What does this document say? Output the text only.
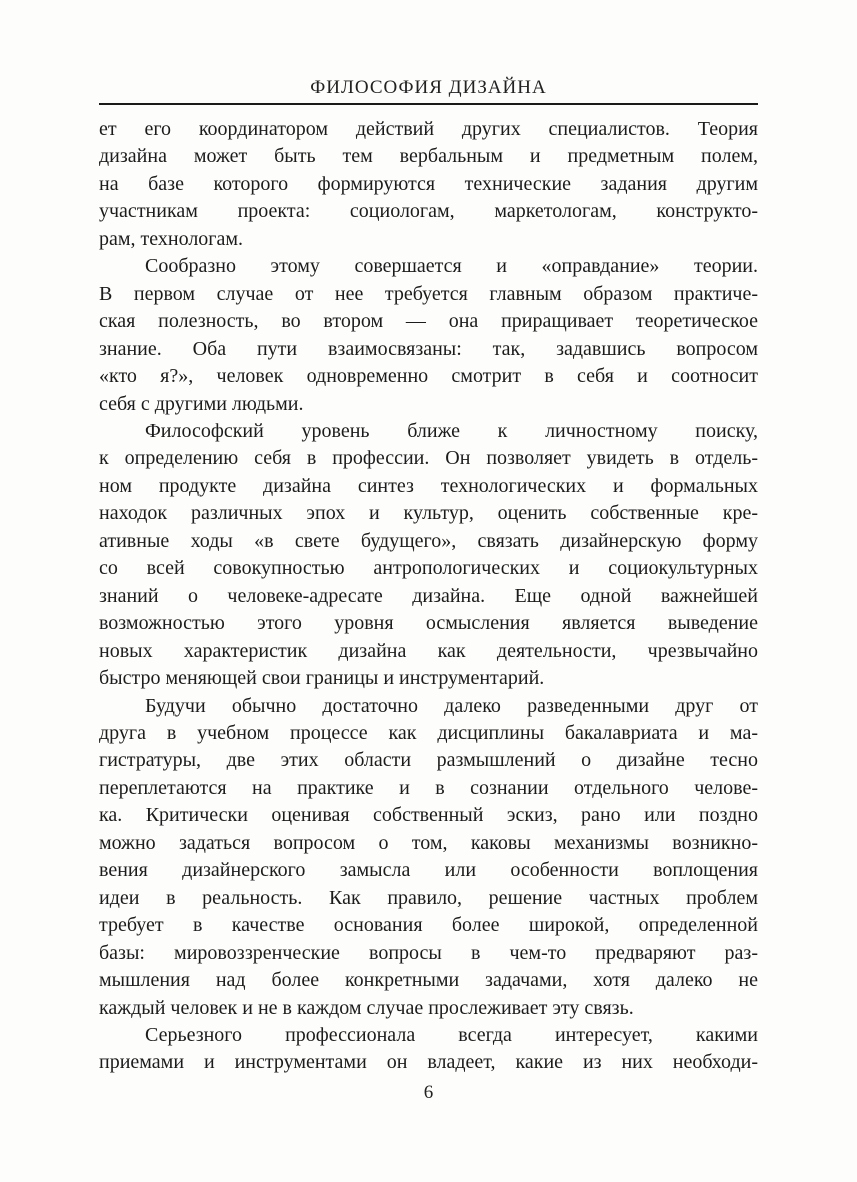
ФИЛОСОФИЯ ДИЗАЙНА
ет его координатором действий других специалистов. Теория
дизайна может быть тем вербальным и предметным полем,
на базе которого формируются технические задания другим
участникам проекта: социологам, маркетологам, конструкто-
рам, технологам.
Сообразно этому совершается и «оправдание» теории.
В первом случае от нее требуется главным образом практиче-
ская полезность, во втором — она приращивает теоретическое
знание. Оба пути взаимосвязаны: так, задавшись вопросом
«кто я?», человек одновременно смотрит в себя и соотносит
себя с другими людьми.
Философский уровень ближе к личностному поиску,
к определению себя в профессии. Он позволяет увидеть в отдель-
ном продукте дизайна синтез технологических и формальных
находок различных эпох и культур, оценить собственные кре-
ативные ходы «в свете будущего», связать дизайнерскую форму
со всей совокупностью антропологических и социокультурных
знаний о человеке-адресате дизайна. Еще одной важнейшей
возможностью этого уровня осмысления является выведение
новых характеристик дизайна как деятельности, чрезвычайно
быстро меняющей свои границы и инструментарий.
Будучи обычно достаточно далеко разведенными друг от
друга в учебном процессе как дисциплины бакалавриата и ма-
гистратуры, две этих области размышлений о дизайне тесно
переплетаются на практике и в сознании отдельного челове-
ка. Критически оценивая собственный эскиз, рано или поздно
можно задаться вопросом о том, каковы механизмы возникно-
вения дизайнерского замысла или особенности воплощения
идеи в реальность. Как правило, решение частных проблем
требует в качестве основания более широкой, определенной
базы: мировоззренческие вопросы в чем-то предваряют раз-
мышления над более конкретными задачами, хотя далеко не
каждый человек и не в каждом случае прослеживает эту связь.
Серьезного профессионала всегда интересует, какими
приемами и инструментами он владеет, какие из них необходи-
6
